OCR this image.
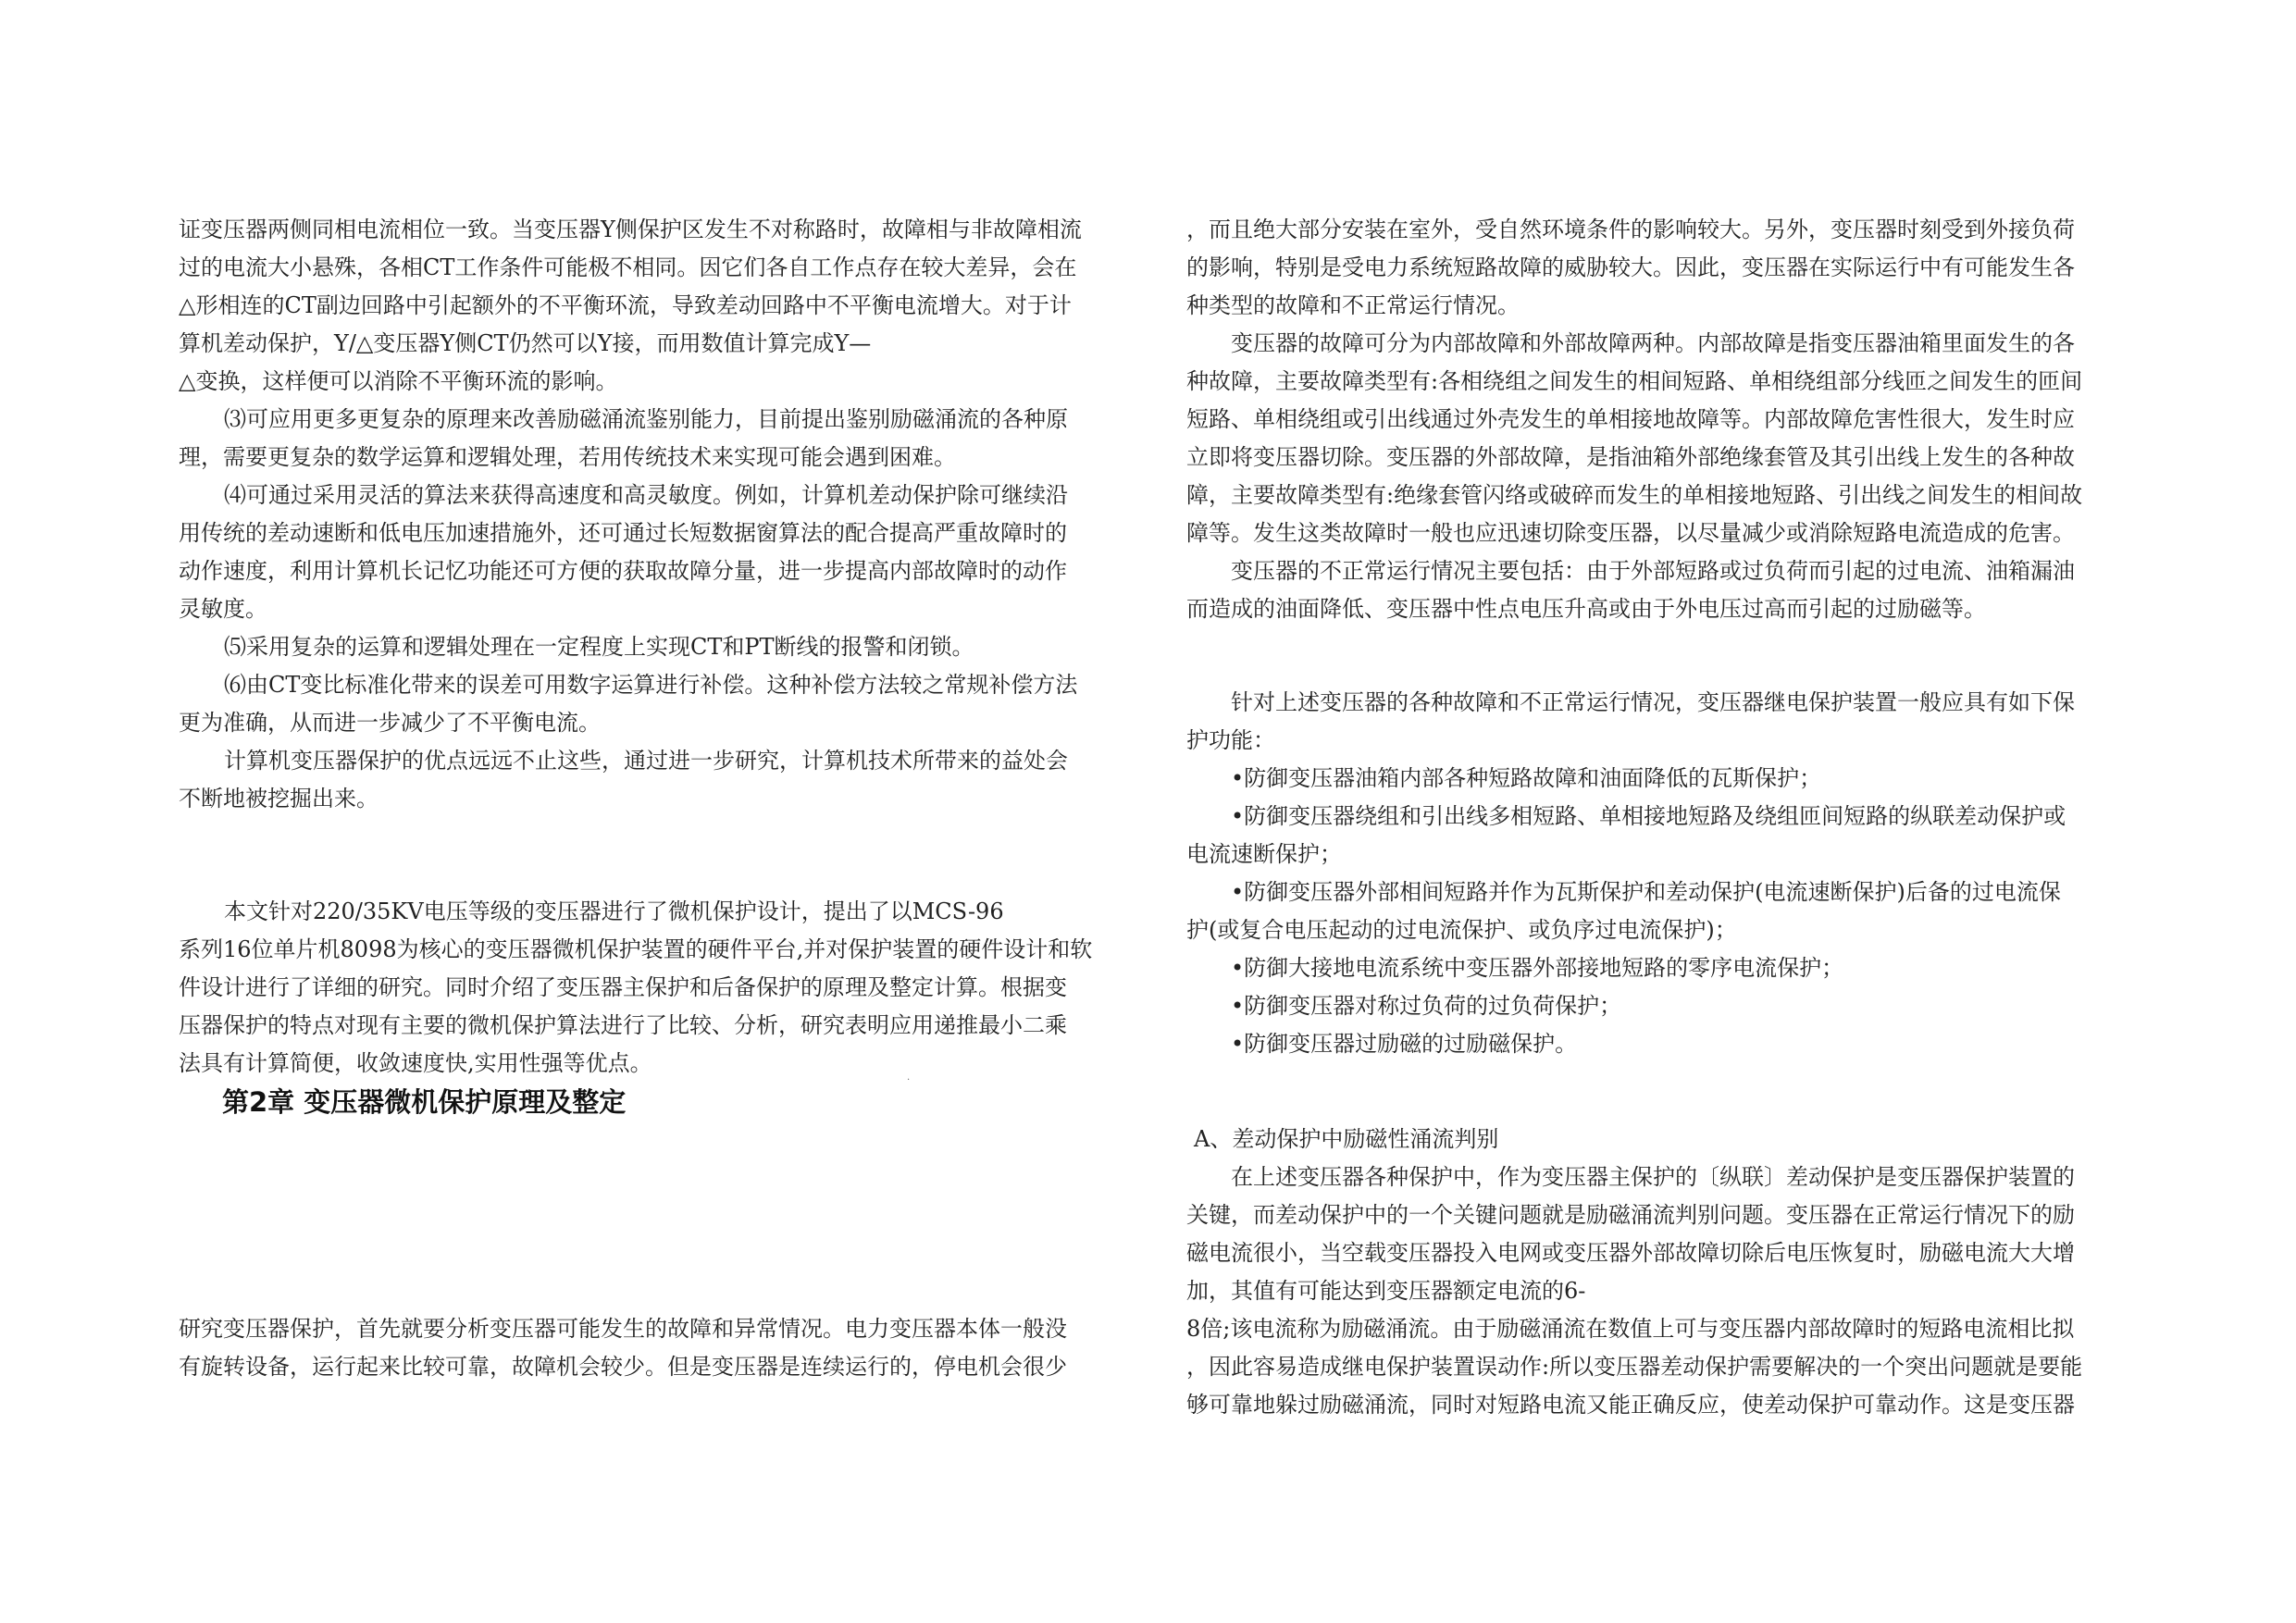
证变压器两侧同相电流相位一致。当变压器Y侧保护区发生不对称路时，故障相与非故障相流
过的电流大小悬殊，各相CT工作条件可能极不相同。因它们各自工作点存在较大差异，会在
△形相连的CT副边回路中引起额外的不平衡环流，导致差动回路中不平衡电流增大。对于计
算机差动保护，Y/△变压器Y侧CT仍然可以Y接，而用数值计算完成Y—
△变换，这样便可以消除不平衡环流的影响。
⑶可应用更多更复杂的原理来改善励磁涌流鉴别能力，目前提出鉴别励磁涌流的各种原
理，需要更复杂的数学运算和逻辑处理，若用传统技术来实现可能会遇到困难。
⑷可通过采用灵活的算法来获得高速度和高灵敏度。例如，计算机差动保护除可继续沿
用传统的差动速断和低电压加速措施外，还可通过长短数据窗算法的配合提高严重故障时的
动作速度，利用计算机长记忆功能还可方便的获取故障分量，进一步提高内部故障时的动作
灵敏度。
⑸采用复杂的运算和逻辑处理在一定程度上实现CT和PT断线的报警和闭锁。
⑹由CT变比标准化带来的误差可用数字运算进行补偿。这种补偿方法较之常规补偿方法
更为准确，从而进一步减少了不平衡电流。
计算机变压器保护的优点远远不止这些，通过进一步研究，计算机技术所带来的益处会
不断地被挖掘出来。
本文针对220/35KV电压等级的变压器进行了微机保护设计，提出了以MCS-96
系列16位单片机8098为核心的变压器微机保护装置的硬件平台,并对保护装置的硬件设计和软
件设计进行了详细的研究。同时介绍了变压器主保护和后备保护的原理及整定计算。根据变
压器保护的特点对现有主要的微机保护算法进行了比较、分析，研究表明应用递推最小二乘
法具有计算简便，收敛速度快,实用性强等优点。
第2章 变压器微机保护原理及整定
研究变压器保护，首先就要分析变压器可能发生的故障和异常情况。电力变压器本体一般没
有旋转设备，运行起来比较可靠，故障机会较少。但是变压器是连续运行的，停电机会很少
.
，而且绝大部分安装在室外，受自然环境条件的影响较大。另外，变压器时刻受到外接负荷
的影响，特别是受电力系统短路故障的威胁较大。因此，变压器在实际运行中有可能发生各
种类型的故障和不正常运行情况。
变压器的故障可分为内部故障和外部故障两种。内部故障是指变压器油箱里面发生的各
种故障，主要故障类型有:各相绕组之间发生的相间短路、单相绕组部分线匝之间发生的匝间
短路、单相绕组或引出线通过外壳发生的单相接地故障等。内部故障危害性很大，发生时应
立即将变压器切除。变压器的外部故障，是指油箱外部绝缘套管及其引出线上发生的各种故
障，主要故障类型有:绝缘套管闪络或破碎而发生的单相接地短路、引出线之间发生的相间故
障等。发生这类故障时一般也应迅速切除变压器，以尽量减少或消除短路电流造成的危害。
变压器的不正常运行情况主要包括：由于外部短路或过负荷而引起的过电流、油箱漏油
而造成的油面降低、变压器中性点电压升高或由于外电压过高而引起的过励磁等。
针对上述变压器的各种故障和不正常运行情况，变压器继电保护装置一般应具有如下保
护功能：
•防御变压器油箱内部各种短路故障和油面降低的瓦斯保护；
•防御变压器绕组和引出线多相短路、单相接地短路及绕组匝间短路的纵联差动保护或
电流速断保护；
•防御变压器外部相间短路并作为瓦斯保护和差动保护(电流速断保护)后备的过电流保
护(或复合电压起动的过电流保护、或负序过电流保护)；
•防御大接地电流系统中变压器外部接地短路的零序电流保护；
•防御变压器对称过负荷的过负荷保护；
•防御变压器过励磁的过励磁保护。
A、差动保护中励磁性涌流判别
在上述变压器各种保护中，作为变压器主保护的〔纵联〕差动保护是变压器保护装置的
关键，而差动保护中的一个关键问题就是励磁涌流判别问题。变压器在正常运行情况下的励
磁电流很小，当空载变压器投入电网或变压器外部故障切除后电压恢复时，励磁电流大大增
加，其值有可能达到变压器额定电流的6-
8倍;该电流称为励磁涌流。由于励磁涌流在数值上可与变压器内部故障时的短路电流相比拟
，因此容易造成继电保护装置误动作:所以变压器差动保护需要解决的一个突出问题就是要能
够可靠地躲过励磁涌流，同时对短路电流又能正确反应，使差动保护可靠动作。这是变压器
